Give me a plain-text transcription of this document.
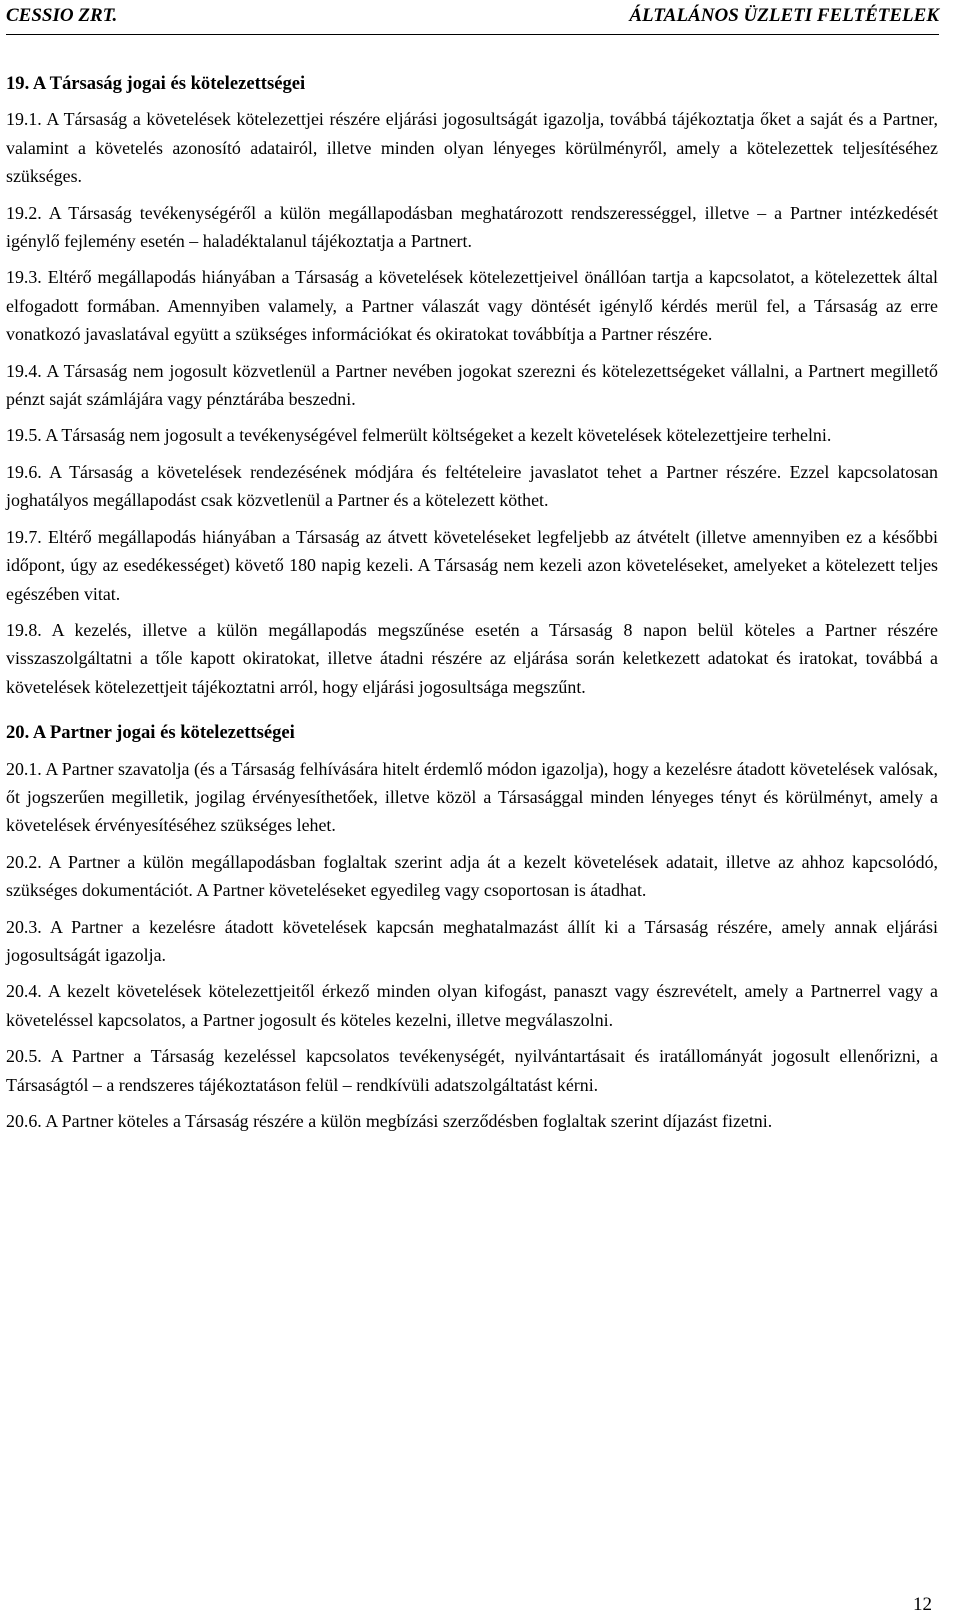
CESSIO ZRT.	ÁLTALÁNOS ÜZLETI FELTÉTELEK
19. A Társaság jogai és kötelezettségei

19.1. A Társaság a követelések kötelezettjei részére eljárási jogosultságát igazolja, továbbá tájékoztatja őket a saját és a Partner, valamint a követelés azonosító adatairól, illetve minden olyan lényeges körülményről, amely a kötelezettek teljesítéséhez szükséges.

19.2. A Társaság tevékenységéről a külön megállapodásban meghatározott rendszerességgel, illetve – a Partner intézkedését igénylő fejlemény esetén – haladéktalanul tájékoztatja a Partnert.

19.3. Eltérő megállapodás hiányában a Társaság a követelések kötelezettjeivel önállóan tartja a kapcsolatot, a kötelezettek által elfogadott formában. Amennyiben valamely, a Partner válaszát vagy döntését igénylő kérdés merül fel, a Társaság az erre vonatkozó javaslatával együtt a szükséges információkat és okiratokat továbbítja a Partner részére.

19.4. A Társaság nem jogosult közvetlenül a Partner nevében jogokat szerezni és kötelezettségeket vállalni, a Partnert megillető pénzt saját számlájára vagy pénztárába beszedni.

19.5. A Társaság nem jogosult a tevékenységével felmerült költségeket a kezelt követelések kötelezettjeire terhelni.

19.6. A Társaság a követelések rendezésének módjára és feltételeire javaslatot tehet a Partner részére. Ezzel kapcsolatosan joghatályos megállapodást csak közvetlenül a Partner és a kötelezett köthet.

19.7. Eltérő megállapodás hiányában a Társaság az átvett követeléseket legfeljebb az átvételt (illetve amennyiben ez a későbbi időpont, úgy az esedékességet) követő 180 napig kezeli. A Társaság nem kezeli azon követeléseket, amelyeket a kötelezett teljes egészében vitat.

19.8. A kezelés, illetve a külön megállapodás megszűnése esetén a Társaság 8 napon belül köteles a Partner részére visszaszolgáltatni a tőle kapott okiratokat, illetve átadni részére az eljárása során keletkezett adatokat és iratokat, továbbá a követelések kötelezettjeit tájékoztatni arról, hogy eljárási jogosultsága megszűnt.

20. A Partner jogai és kötelezettségei

20.1. A Partner szavatolja (és a Társaság felhívására hitelt érdemlő módon igazolja), hogy a kezelésre átadott követelések valósak, őt jogszerűen megilletik, jogilag érvényesíthetőek, illetve közöl a Társasággal minden lényeges tényt és körülményt, amely a követelések érvényesítéséhez szükséges lehet.

20.2. A Partner a külön megállapodásban foglaltak szerint adja át a kezelt követelések adatait, illetve az ahhoz kapcsolódó, szükséges dokumentációt. A Partner követeléseket egyedileg vagy csoportosan is átadhat.

20.3. A Partner a kezelésre átadott követelések kapcsán meghatalmazást állít ki a Társaság részére, amely annak eljárási jogosultságát igazolja.

20.4. A kezelt követelések kötelezettjeitől érkező minden olyan kifogást, panaszt vagy észrevételt, amely a Partnerrel vagy a követeléssel kapcsolatos, a Partner jogosult és köteles kezelni, illetve megválaszolni.

20.5. A Partner a Társaság kezeléssel kapcsolatos tevékenységét, nyilvántartásait és iratállományát jogosult ellenőrizni, a Társaságtól – a rendszeres tájékoztatáson felül – rendkívüli adatszolgáltatást kérni.

20.6. A Partner köteles a Társaság részére a külön megbízási szerződésben foglaltak szerint díjazást fizetni.

12
